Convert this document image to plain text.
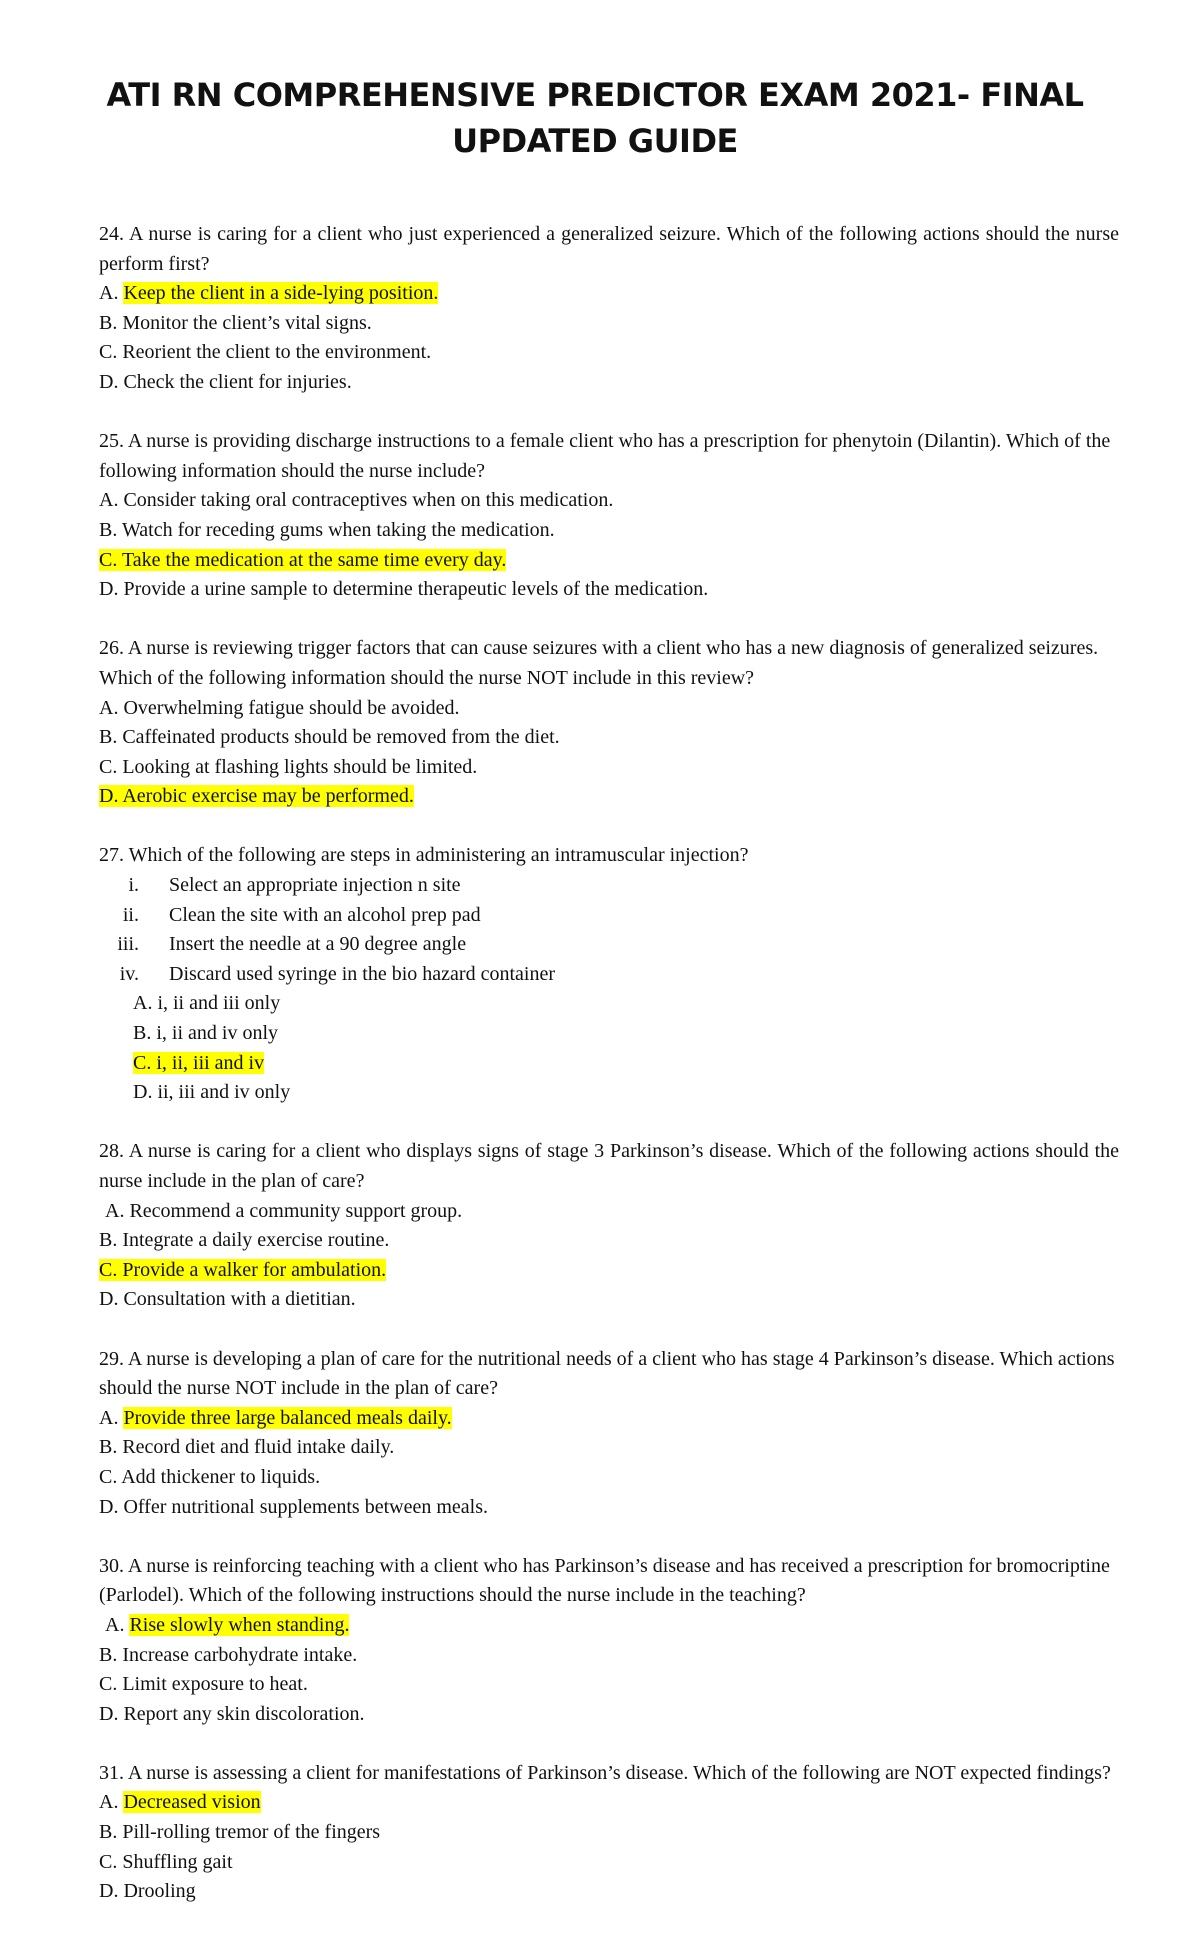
ATI RN COMPREHENSIVE PREDICTOR EXAM 2021- FINAL
UPDATED GUIDE
24. A nurse is caring for a client who just experienced a generalized seizure. Which of the following actions should the nurse perform first?
A. Keep the client in a side-lying position.
B. Monitor the client’s vital signs.
C. Reorient the client to the environment.
D. Check the client for injuries.
25. A nurse is providing discharge instructions to a female client who has a prescription for phenytoin (Dilantin). Which of the following information should the nurse include?
A. Consider taking oral contraceptives when on this medication.
B. Watch for receding gums when taking the medication.
C. Take the medication at the same time every day.
D. Provide a urine sample to determine therapeutic levels of the medication.
26. A nurse is reviewing trigger factors that can cause seizures with a client who has a new diagnosis of generalized seizures. Which of the following information should the nurse NOT include in this review?
A. Overwhelming fatigue should be avoided.
B. Caffeinated products should be removed from the diet.
C. Looking at flashing lights should be limited.
D. Aerobic exercise may be performed.
27. Which of the following are steps in administering an intramuscular injection?
i. Select an appropriate injection n site
ii. Clean the site with an alcohol prep pad
iii. Insert the needle at a 90 degree angle
iv. Discard used syringe in the bio hazard container
A. i, ii and iii only
B. i, ii and iv only
C. i, ii, iii and iv
D. ii, iii and iv only
28. A nurse is caring for a client who displays signs of stage 3 Parkinson’s disease. Which of the following actions should the nurse include in the plan of care?
A. Recommend a community support group.
B. Integrate a daily exercise routine.
C. Provide a walker for ambulation.
D. Consultation with a dietitian.
29. A nurse is developing a plan of care for the nutritional needs of a client who has stage 4 Parkinson’s disease. Which actions should the nurse NOT include in the plan of care?
A. Provide three large balanced meals daily.
B. Record diet and fluid intake daily.
C. Add thickener to liquids.
D. Offer nutritional supplements between meals.
30. A nurse is reinforcing teaching with a client who has Parkinson’s disease and has received a prescription for bromocriptine (Parlodel). Which of the following instructions should the nurse include in the teaching?
A. Rise slowly when standing.
B. Increase carbohydrate intake.
C. Limit exposure to heat.
D. Report any skin discoloration.
31. A nurse is assessing a client for manifestations of Parkinson’s disease. Which of the following are NOT expected findings?
A. Decreased vision
B. Pill-rolling tremor of the fingers
C. Shuffling gait
D. Drooling
